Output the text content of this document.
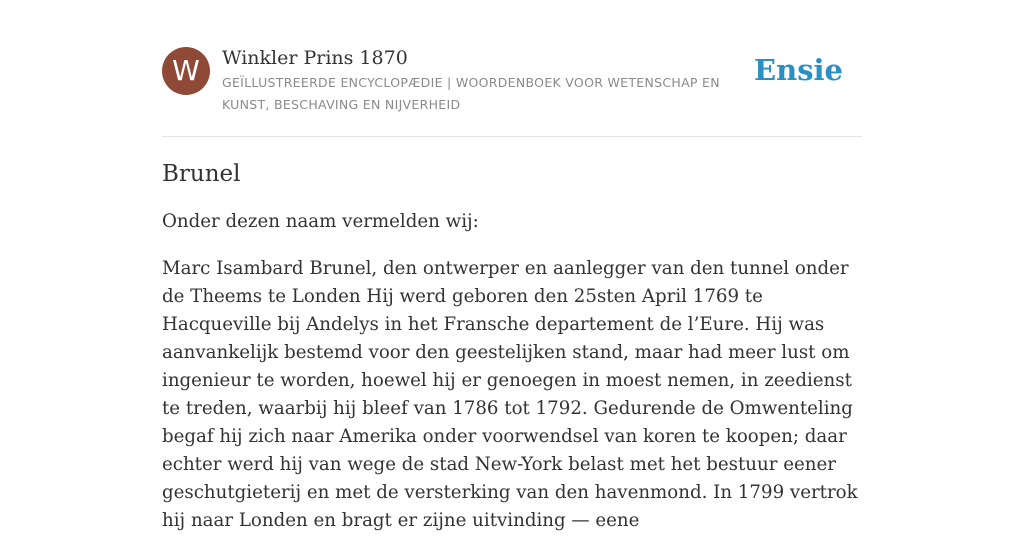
W	Winkler Prins 1870

GEÏLLUSTREERDE ENCYCLOPÆDIE | WOORDENBOEK VOOR WETENSCHAP EN KUNST, BESCHAVING EN NIJVERHEID

Ensie
Brunel

Onder dezen naam vermelden wij:

Marc Isambard Brunel, den ontwerper en aanlegger van den tunnel onder de Theems te Londen Hij werd geboren den 25sten April 1769 te Hacqueville bij Andelys in het Fransche departement de l’Eure. Hij was aanvankelijk bestemd voor den geestelijken stand, maar had meer lust om ingenieur te worden, hoewel hij er genoegen in moest nemen, in zeedienst te treden, waarbij hij bleef van 1786 tot 1792. Gedurende de Omwenteling begaf hij zich naar Amerika onder voorwendsel van koren te koopen; daar echter werd hij van wege de stad New-York belast met het bestuur eener geschutgieterij en met de versterking van den havenmond. In 1799 vertrok hij naar Londen en bragt er zijne uitvinding — eene
